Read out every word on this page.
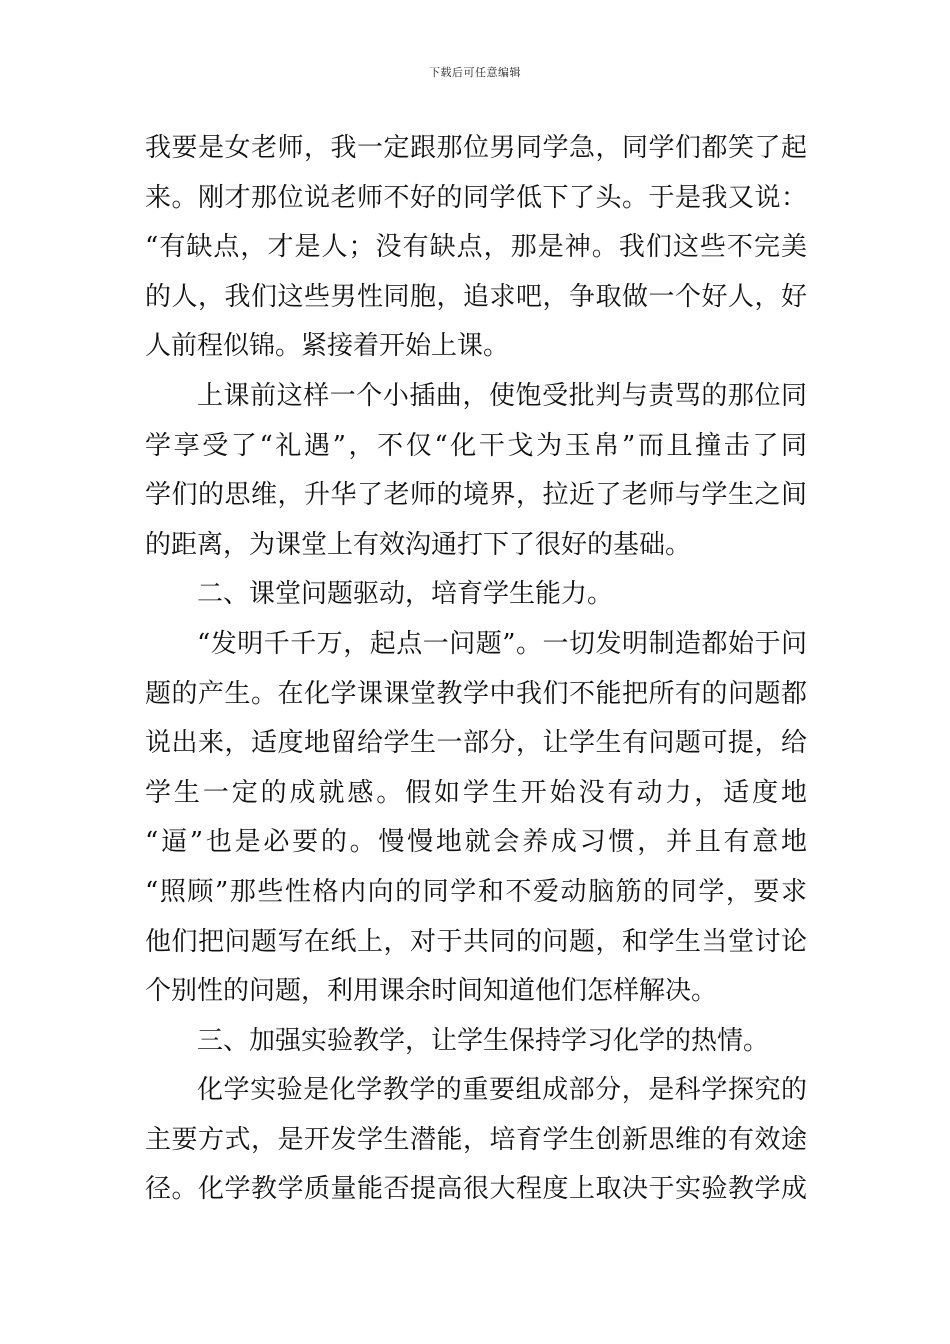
下载后可任意编辑
我要是女老师，我一定跟那位男同学急，同学们都笑了起
来。刚才那位说老师不好的同学低下了头。于是我又说：
“有缺点，才是人；没有缺点，那是神。我们这些不完美
的人，我们这些男性同胞，追求吧，争取做一个好人，好
人前程似锦。紧接着开始上课。
上课前这样一个小插曲，使饱受批判与责骂的那位同
学享受了“礼遇”，不仅“化干戈为玉帛”而且撞击了同
学们的思维，升华了老师的境界，拉近了老师与学生之间
的距离，为课堂上有效沟通打下了很好的基础。
二、课堂问题驱动，培育学生能力。
“发明千千万，起点一问题”。一切发明制造都始于问
题的产生。在化学课课堂教学中我们不能把所有的问题都
说出来，适度地留给学生一部分，让学生有问题可提，给
学生一定的成就感。假如学生开始没有动力，适度地
“逼”也是必要的。慢慢地就会养成习惯，并且有意地
“照顾”那些性格内向的同学和不爱动脑筋的同学，要求
他们把问题写在纸上，对于共同的问题，和学生当堂讨论
个别性的问题，利用课余时间知道他们怎样解决。
三、加强实验教学，让学生保持学习化学的热情。
化学实验是化学教学的重要组成部分，是科学探究的
主要方式，是开发学生潜能，培育学生创新思维的有效途
径。化学教学质量能否提高很大程度上取决于实验教学成
